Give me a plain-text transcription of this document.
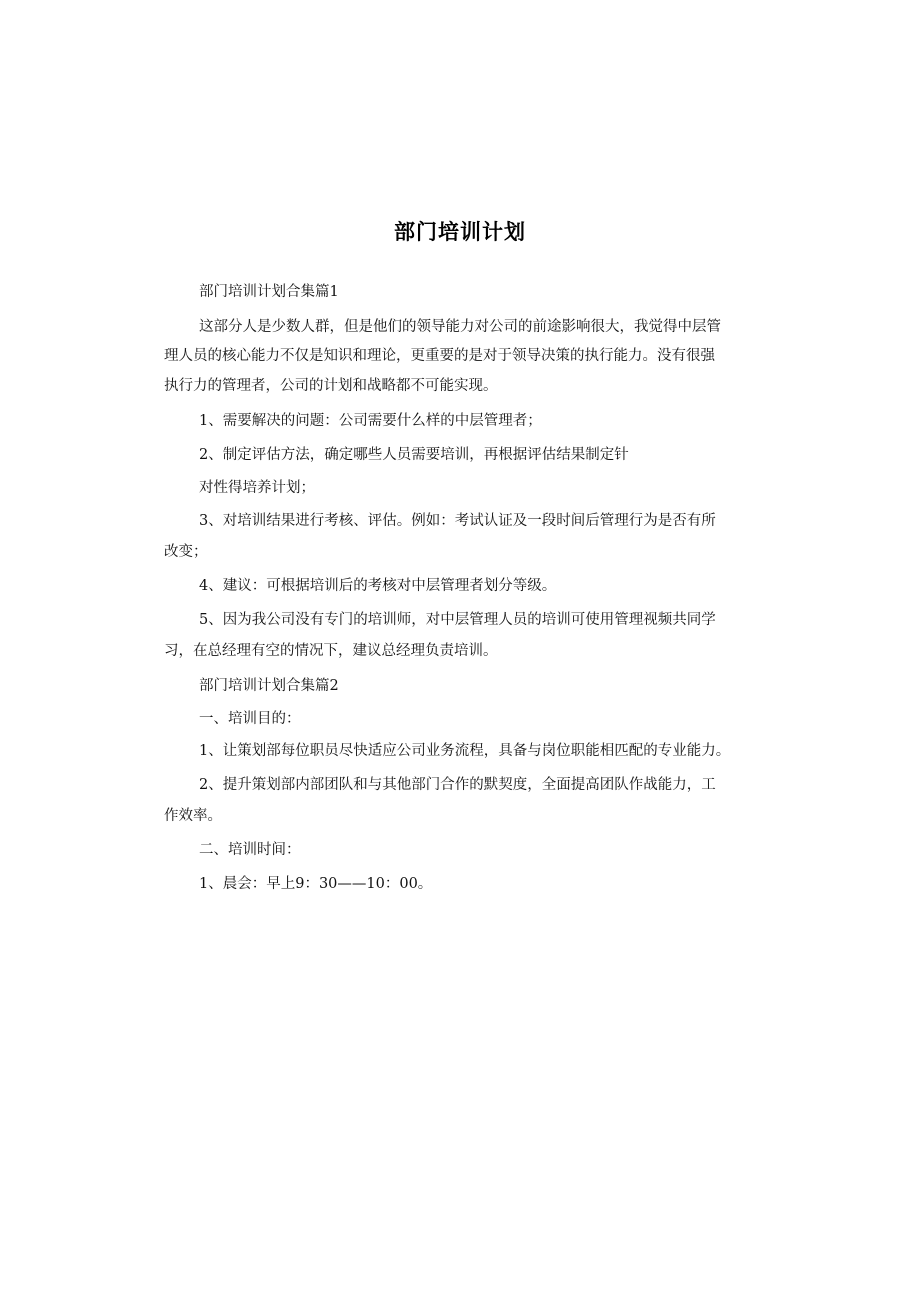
部门培训计划

部门培训计划合集篇1

这部分人是少数人群，但是他们的领导能力对公司的前途影响很大，我觉得中层管

理人员的核心能力不仅是知识和理论，更重要的是对于领导决策的执行能力。没有很强

执行力的管理者，公司的计划和战略都不可能实现。

1、需要解决的问题：公司需要什么样的中层管理者；

2、制定评估方法，确定哪些人员需要培训，再根据评估结果制定针

对性得培养计划；

3、对培训结果进行考核、评估。例如：考试认证及一段时间后管理行为是否有所

改变；

4、建议：可根据培训后的考核对中层管理者划分等级。

5、因为我公司没有专门的培训师，对中层管理人员的培训可使用管理视频共同学

习，在总经理有空的情况下，建议总经理负责培训。

部门培训计划合集篇2

一、培训目的：

1、让策划部每位职员尽快适应公司业务流程，具备与岗位职能相匹配的专业能力。

2、提升策划部内部团队和与其他部门合作的默契度，全面提高团队作战能力，工

作效率。

二、培训时间：

1、晨会：早上9：30——10：00。
